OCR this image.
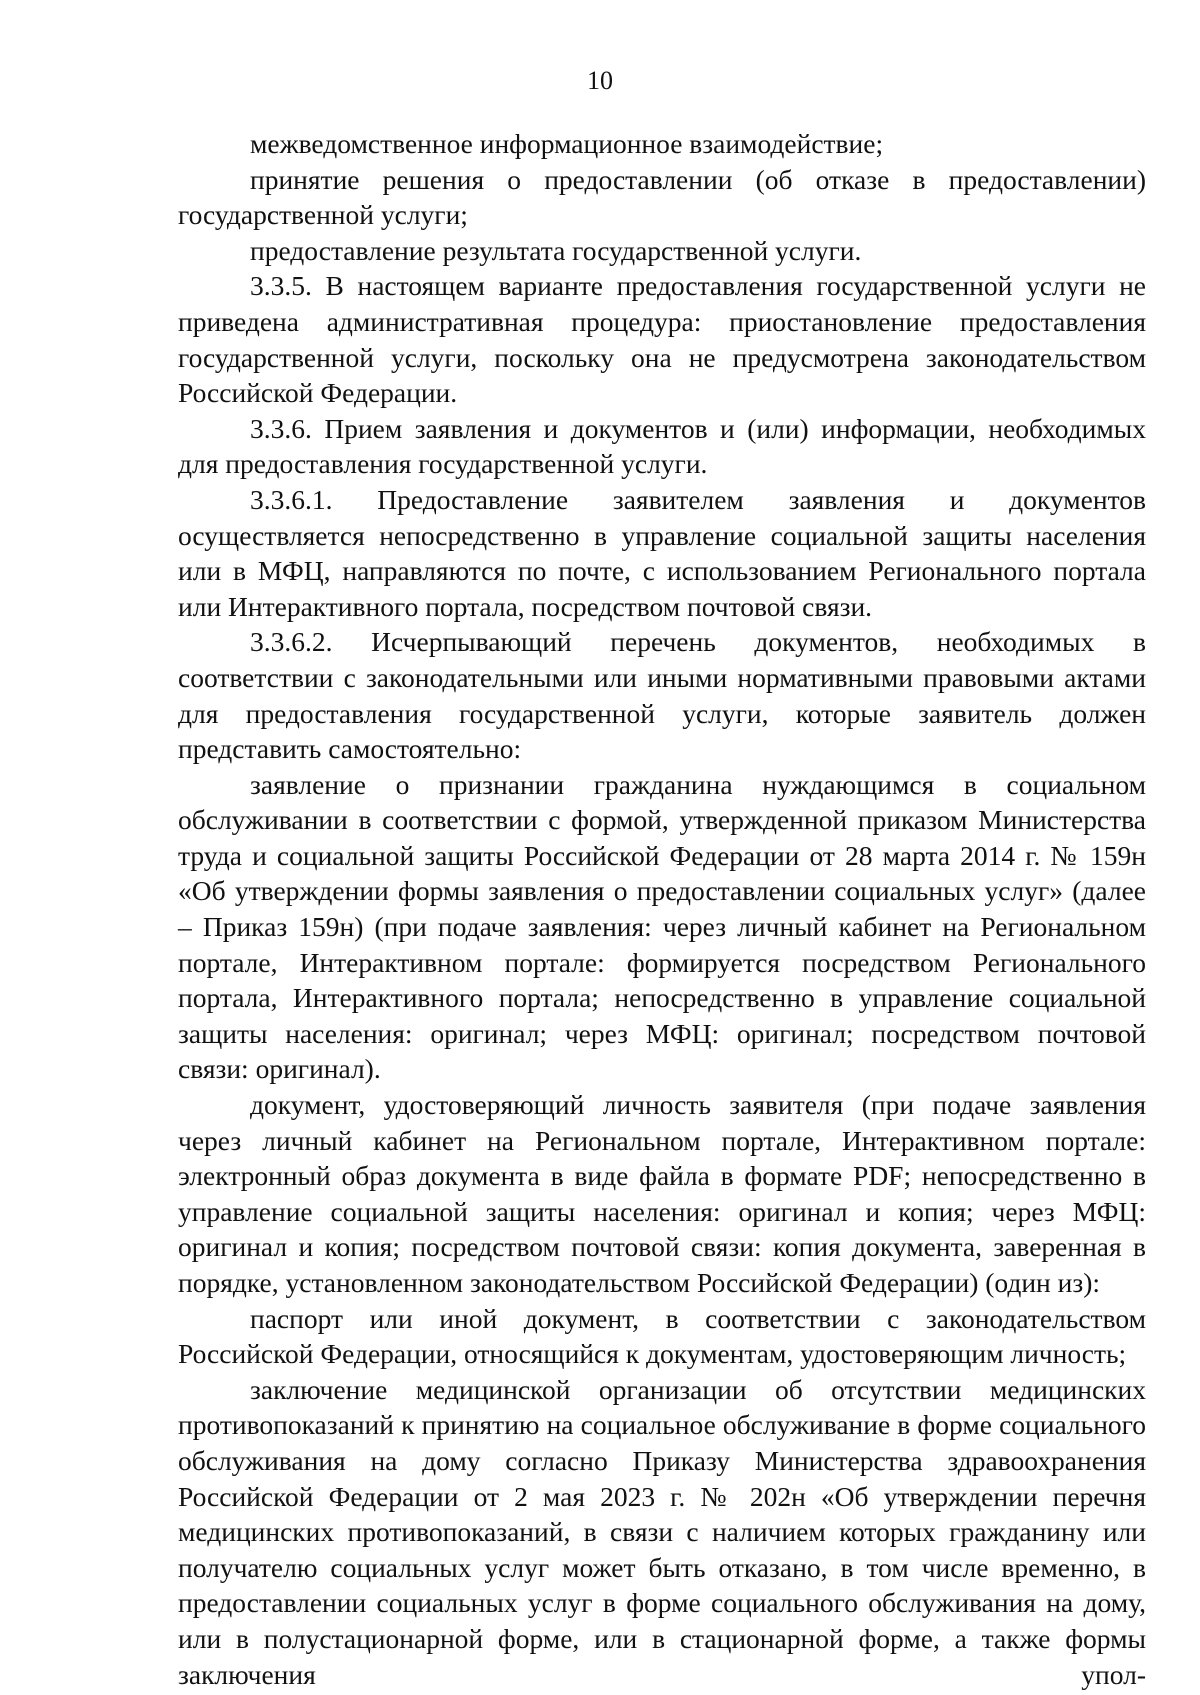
10

межведомственное информационное взаимодействие;

принятие решения о предоставлении (об отказе в предоставлении) государственной услуги;

предоставление результата государственной услуги.

3.3.5. В настоящем варианте предоставления государственной услуги не приведена административная процедура: приостановление предоставления государственной услуги, поскольку она не предусмотрена законодательством Российской Федерации.

3.3.6. Прием заявления и документов и (или) информации, необходимых для предоставления государственной услуги.

3.3.6.1. Предоставление заявителем заявления и документов осуществляется непосредственно в управление социальной защиты населения или в МФЦ, направляются по почте, с использованием Регионального портала или Интерактивного портала, посредством почтовой связи.

3.3.6.2. Исчерпывающий перечень документов, необходимых в соответствии с законодательными или иными нормативными правовыми актами для предоставления государственной услуги, которые заявитель должен представить самостоятельно:

заявление о признании гражданина нуждающимся в социальном обслуживании в соответствии с формой, утвержденной приказом Министерства труда и социальной защиты Российской Федерации от 28 марта 2014 г. № 159н «Об утверждении формы заявления о предоставлении социальных услуг» (далее – Приказ 159н) (при подаче заявления: через личный кабинет на Региональном портале, Интерактивном портале: формируется посредством Регионального портала, Интерактивного портала; непосредственно в управление социальной защиты населения: оригинал; через МФЦ: оригинал; посредством почтовой связи: оригинал).

документ, удостоверяющий личность заявителя (при подаче заявления через личный кабинет на Региональном портале, Интерактивном портале: электронный образ документа в виде файла в формате PDF; непосредственно в управление социальной защиты населения: оригинал и копия; через МФЦ: оригинал и копия; посредством почтовой связи: копия документа, заверенная в порядке, установленном законодательством Российской Федерации) (один из):

паспорт или иной документ, в соответствии с законодательством Российской Федерации, относящийся к документам, удостоверяющим личность;

заключение медицинской организации об отсутствии медицинских противопоказаний к принятию на социальное обслуживание в форме социального обслуживания на дому согласно Приказу Министерства здравоохранения Российской Федерации от 2 мая 2023 г. № 202н «Об утверждении перечня медицинских противопоказаний, в связи с наличием которых гражданину или получателю социальных услуг может быть отказано, в том числе временно, в предоставлении социальных услуг в форме социального обслуживания на дому, или в полустационарной форме, или в стационарной форме, а также формы заключения упол-
